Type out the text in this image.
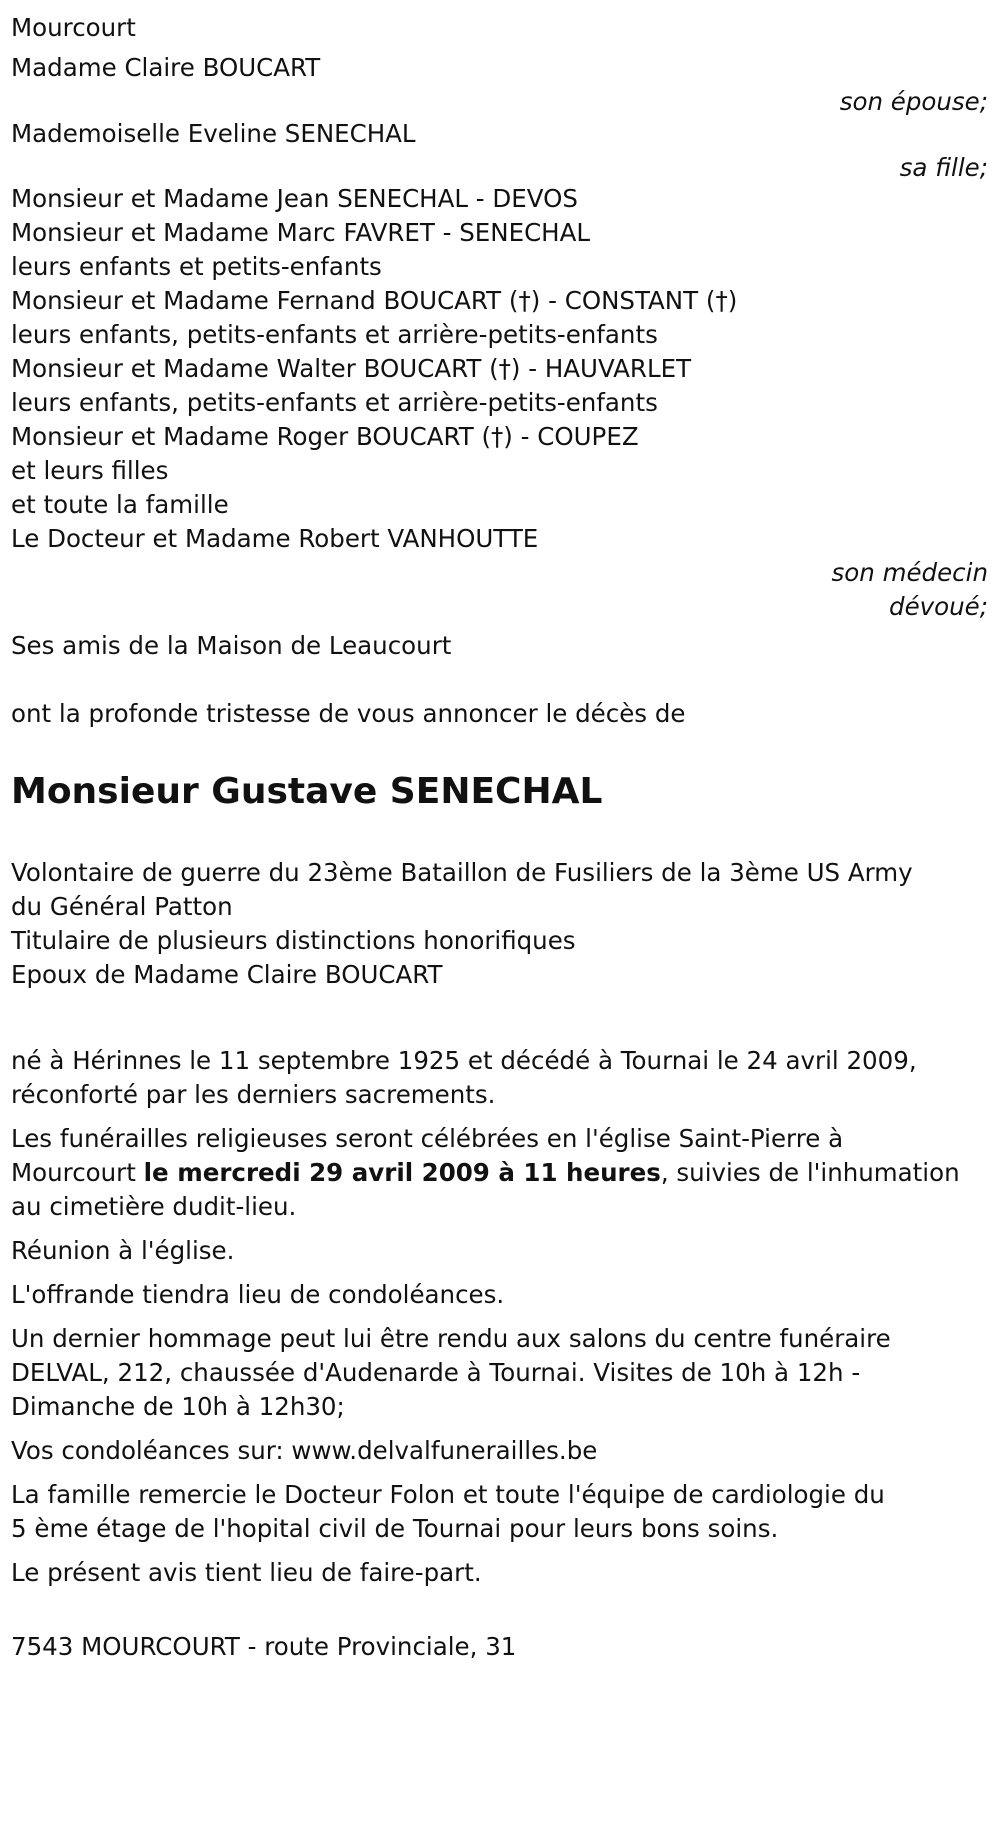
Mourcourt
Madame Claire BOUCART
son épouse;
Mademoiselle Eveline SENECHAL
sa fille;
Monsieur et Madame Jean SENECHAL - DEVOS
Monsieur et Madame Marc FAVRET - SENECHAL
leurs enfants et petits-enfants
Monsieur et Madame Fernand BOUCART (†) - CONSTANT (†)
leurs enfants, petits-enfants et arrière-petits-enfants
Monsieur et Madame Walter BOUCART (†) - HAUVARLET
leurs enfants, petits-enfants et arrière-petits-enfants
Monsieur et Madame Roger BOUCART (†) - COUPEZ
et leurs filles
et toute la famille
Le Docteur et Madame Robert VANHOUTTE
son médecin
dévoué;
Ses amis de la Maison de Leaucourt
ont la profonde tristesse de vous annoncer le décès de
Monsieur Gustave SENECHAL
Volontaire de guerre du 23ème Bataillon de Fusiliers de la 3ème US Army
du Général Patton
Titulaire de plusieurs distinctions honorifiques
Epoux de Madame Claire BOUCART
né à Hérinnes le 11 septembre 1925 et décédé à Tournai le 24 avril 2009,
réconforté par les derniers sacrements.
Les funérailles religieuses seront célébrées en l'église Saint-Pierre à
Mourcourt le mercredi 29 avril 2009 à 11 heures, suivies de l'inhumation
au cimetière dudit-lieu.
Réunion à l'église.
L'offrande tiendra lieu de condoléances.
Un dernier hommage peut lui être rendu aux salons du centre funéraire
DELVAL, 212, chaussée d'Audenarde à Tournai. Visites de 10h à 12h -
Dimanche de 10h à 12h30;
Vos condoléances sur: www.delvalfunerailles.be
La famille remercie le Docteur Folon et toute l'équipe de cardiologie du
5 ème étage de l'hopital civil de Tournai pour leurs bons soins.
Le présent avis tient lieu de faire-part.
7543 MOURCOURT - route Provinciale, 31
